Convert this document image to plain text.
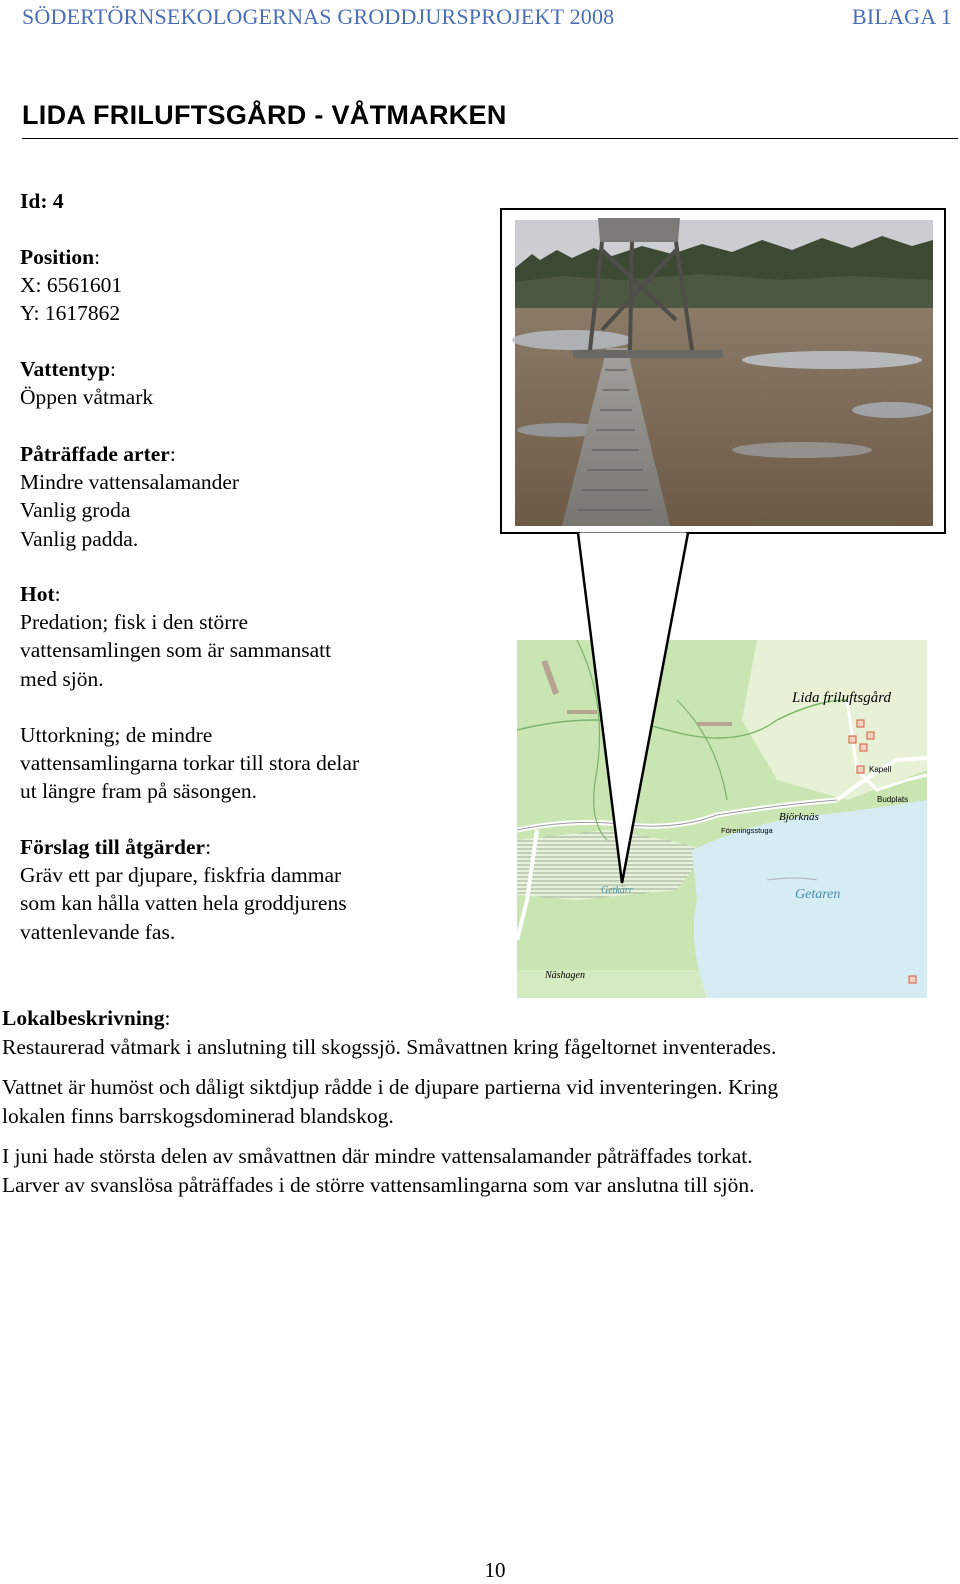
SÖDERTÖRNSEKOLOGERNAS GRODDJURSPROJEKT 2008	BILAGA 1
LIDA FRILUFTSGÅRD - VÅTMARKEN
Id: 4
Position:
X: 6561601
Y: 1617862
Vattentyp:
Öppen våtmark
Påträffade arter:
Mindre vattensalamander
Vanlig groda
Vanlig padda.
Hot:
Predation; fisk i den större
vattensamlingen som är sammansatt
med sjön.
Uttorkning; de mindre
vattensamlingarna torkar till stora delar
ut längre fram på säsongen.
Förslag till åtgärder:
Gräv ett par djupare, fiskfria dammar
som kan hålla vatten hela groddjurens
vattenlevande fas.
Lida friluftsgård
Kapell
Budplats
Björknäs
Föreningsstuga
Getkärr	Getaren
Näshagen
Lokalbeskrivning:
Restaurerad våtmark i anslutning till skogssjö. Småvattnen kring fågeltornet inventerades.
Vattnet är humöst och dåligt siktdjup rådde i de djupare partierna vid inventeringen. Kring
lokalen finns barrskogsdominerad blandskog.
I juni hade största delen av småvattnen där mindre vattensalamander påträffades torkat.
Larver av svanslösa påträffades i de större vattensamlingarna som var anslutna till sjön.
10
